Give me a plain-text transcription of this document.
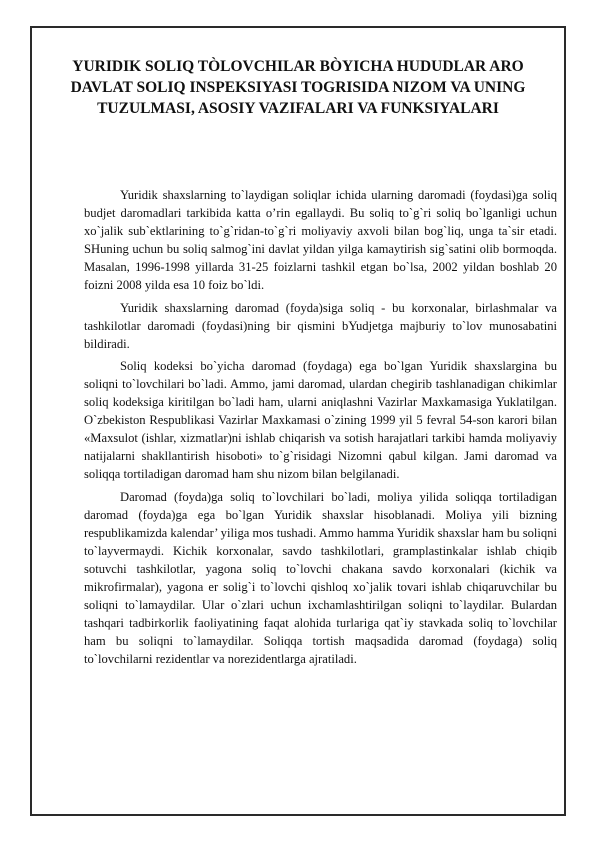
YURIDIK SOLIQ TÒLOVCHILAR BÒYICHA HUDUDLAR ARO DAVLAT SOLIQ INSPEKSIYASI TOGRISIDA NIZOM VA UNING TUZULMASI, ASOSIY VAZIFALARI VA FUNKSIYALARI

Yuridik shaxslarning to`laydigan soliqlar ichida ularning daromadi (foydasi)ga soliq budjet daromadlari tarkibida katta o’rin egallaydi. Bu soliq to`g`ri soliq bo`lganligi uchun xo`jalik sub`ektlarining to`g`ridan-to`g`ri moliyaviy axvoli bilan bog`liq, unga ta`sir etadi. SHuning uchun bu soliq salmog`ini davlat yildan yilga kamaytirish sig`satini olib bormoqda. Masalan, 1996-1998 yillarda 31-25 foizlarni tashkil etgan bo`lsa, 2002 yildan boshlab 20 foizni 2008 yilda esa 10 foiz bo`ldi.

Yuridik shaxslarning daromad (foyda)siga soliq - bu korxonalar, birlashmalar va tashkilotlar daromadi (foydasi)ning bir qismini bYudjetga majburiy to`lov munosabatini bildiradi.

Soliq kodeksi bo`yicha daromad (foydaga) ega bo`lgan Yuridik shaxslargina bu soliqni to`lovchilari bo`ladi. Ammo, jami daromad, ulardan chegirib tashlanadigan chikimlar soliq kodeksiga kiritilgan bo`ladi ham, ularni aniqlashni Vazirlar Maxkamasiga Yuklatilgan. O`zbekiston Respublikasi Vazirlar Maxkamasi o`zining 1999 yil 5 fevral 54-son karori bilan «Maxsulot (ishlar, xizmatlar)ni ishlab chiqarish va sotish harajatlari tarkibi hamda moliyaviy natijalarni shakllantirish hisoboti» to`g`risidagi Nizomni qabul kilgan. Jami daromad va soliqqa tortiladigan daromad ham shu nizom bilan belgilanadi.

Daromad (foyda)ga soliq to`lovchilari bo`ladi, moliya yilida soliqqa tortiladigan daromad (foyda)ga ega bo`lgan Yuridik shaxslar hisoblanadi. Moliya yili bizning respublikamizda kalendar’ yiliga mos tushadi. Ammo hamma Yuridik shaxslar ham bu soliqni to`layvermaydi. Kichik korxonalar, savdo tashkilotlari, gramplastinkalar ishlab chiqib sotuvchi tashkilotlar, yagona soliq to`lovchi chakana savdo korxonalari (kichik va mikrofirmalar), yagona er solig`i to`lovchi qishloq xo`jalik tovari ishlab chiqaruvchilar bu soliqni to`lamaydilar. Ular o`zlari uchun ixchamlashtirilgan soliqni to`laydilar. Bulardan tashqari tadbirkorlik faoliyatining faqat alohida turlariga qat`iy stavkada soliq to`lovchilar ham bu soliqni to`lamaydilar. Soliqqa tortish maqsadida daromad (foydaga) soliq to`lovchilarni rezidentlar va norezidentlarga ajratiladi.
